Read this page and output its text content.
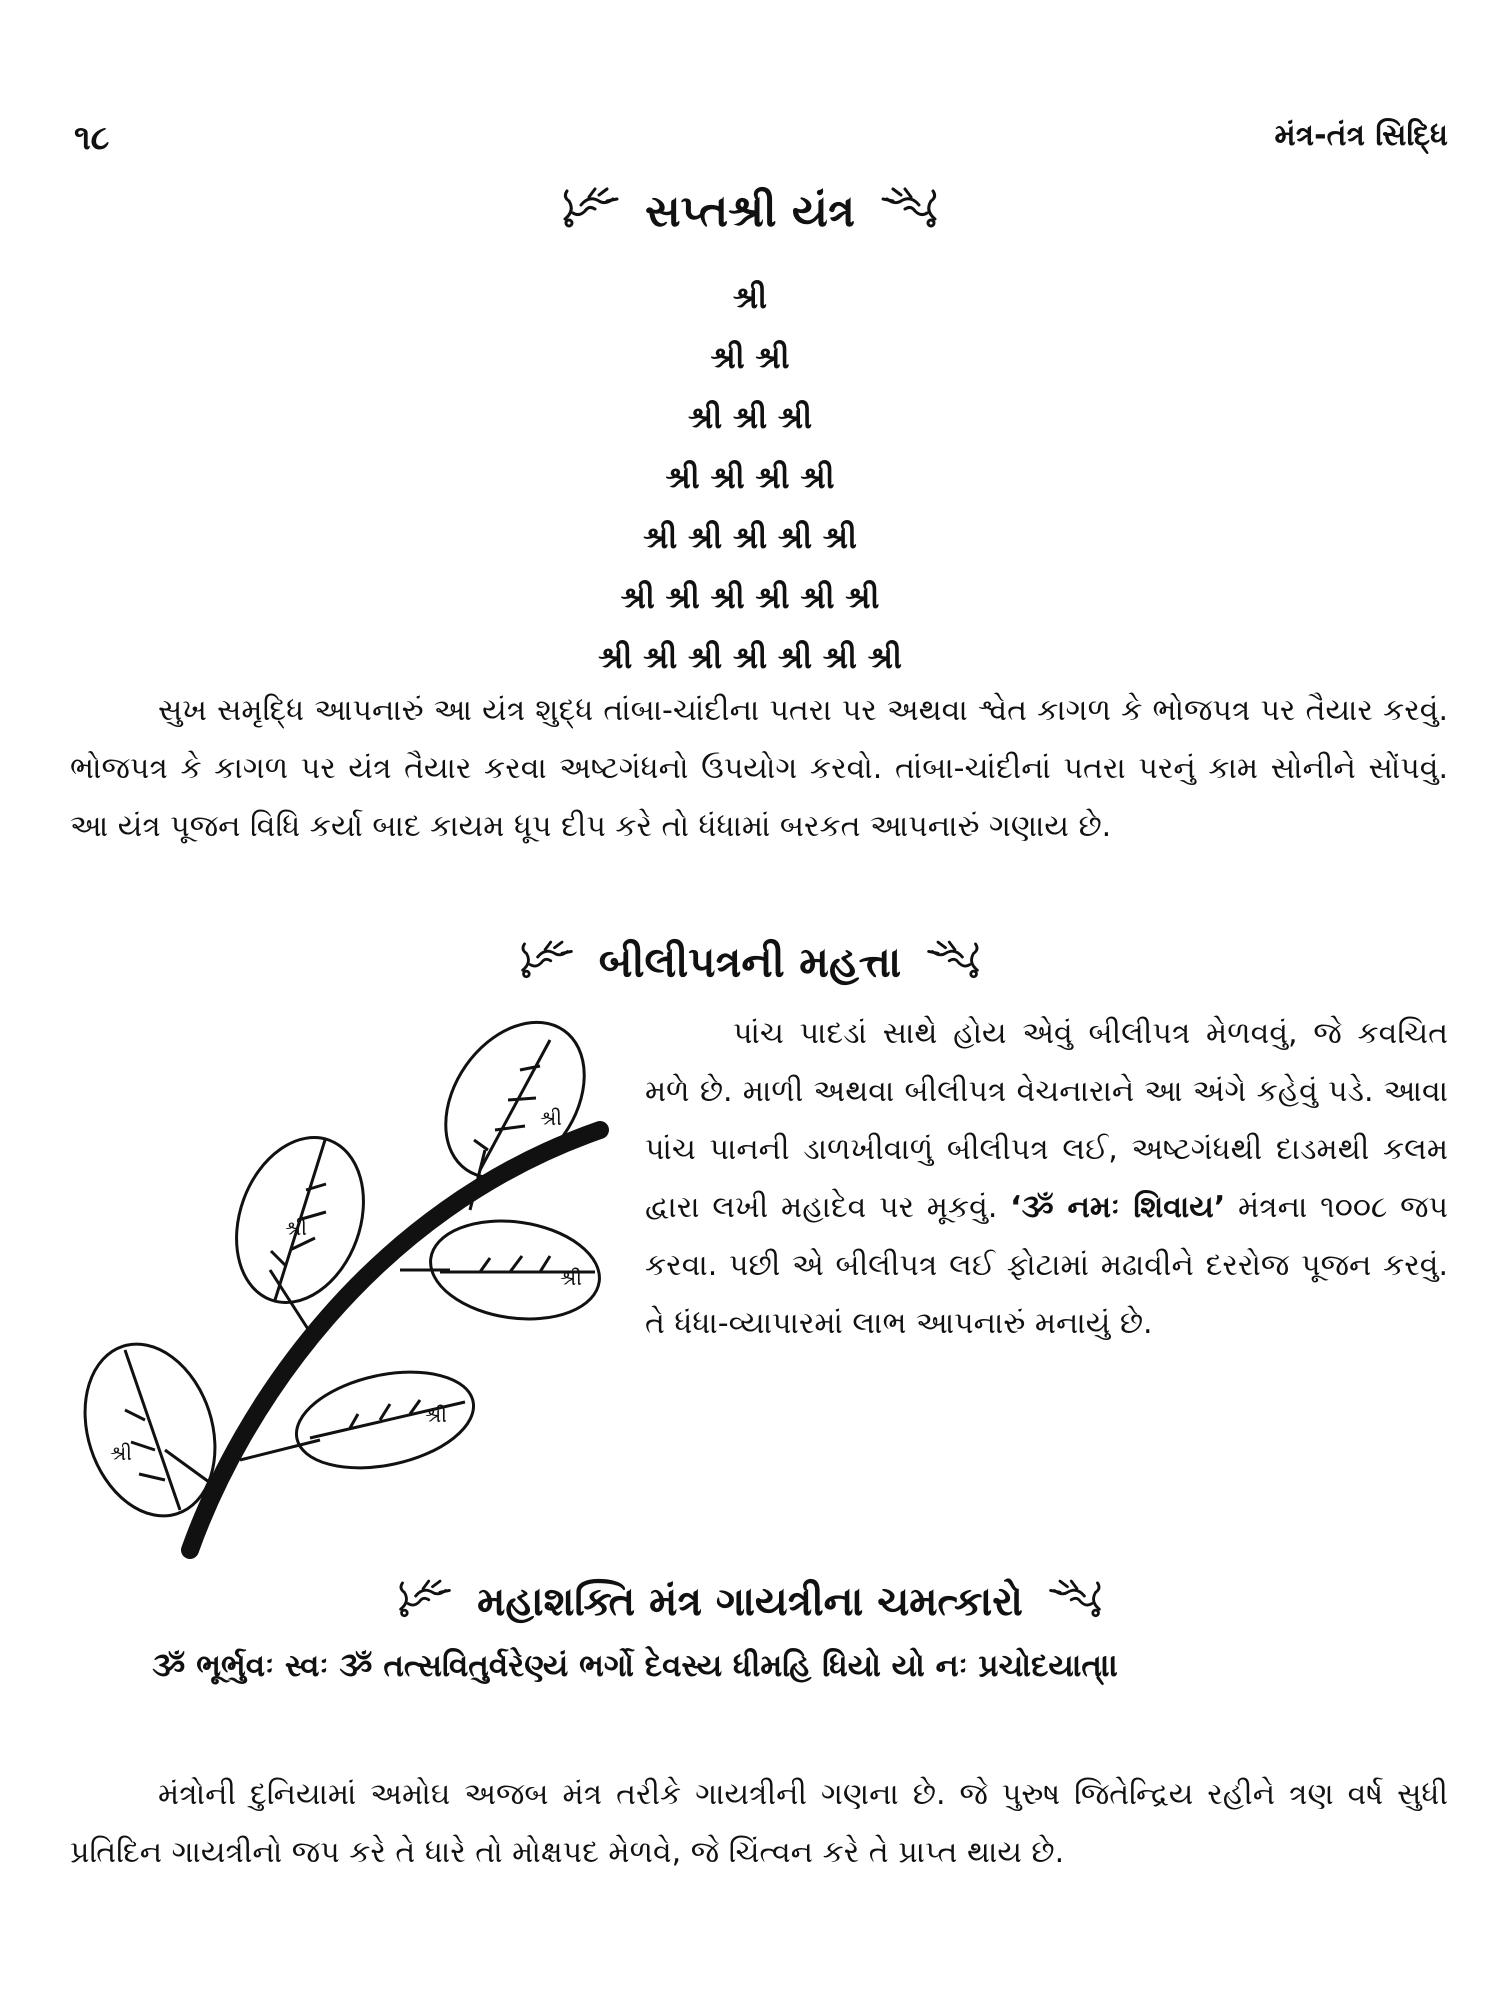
૧૮	મંત્ર-તંત્ર સિદ્ધિ
સપ્તશ્રી યંત્ર
શ્રી
શ્રી શ્રી
શ્રી શ્રી શ્રી
શ્રી શ્રી શ્રી શ્રી
શ્રી શ્રી શ્રી શ્રી શ્રી
શ્રી શ્રી શ્રી શ્રી શ્રી શ્રી
શ્રી શ્રી શ્રી શ્રી શ્રી શ્રી શ્રી

સુખ સમૃદ્ધિ આપનારું આ યંત્ર શુદ્ધ તાંબા-ચાંદીના પતરા પર અથવા શ્વેત કાગળ કે ભોજપત્ર પર તૈયાર કરવું. ભોજપત્ર કે કાગળ પર યંત્ર તૈયાર કરવા અષ્ટગંધનો ઉપયોગ કરવો. તાંબા-ચાંદીનાં પતરા પરનું કામ સોનીને સોંપવું. આ યંત્ર પૂજન વિધિ કર્યા બાદ કાયમ ધૂપ દીપ કરે તો ધંધામાં બરકત આપનારું ગણાય છે.

બીલીપત્રની મહત્તા
શ્રી
શ્રી
શ્રી
શ્રી
શ્રી

પાંચ પાદડાં સાથે હોય એવું બીલીપત્ર મેળવવું, જે કવચિત મળે છે. માળી અથવા બીલીપત્ર વેચનારાને આ અંગે કહેવું પડે. આવા પાંચ પાનની ડાળખીવાળું બીલીપત્ર લઈ, અષ્ટગંધથી દાડમથી કલમ દ્વારા લખી મહાદેવ પર મૂકવું. ‘ૐ નમઃ શિવાય’ મંત્રના ૧૦૦૮ જપ કરવા. પછી એ બીલીપત્ર લઈ ફોટામાં મઢાવીને દરરોજ પૂજન કરવું. તે ધંધા-વ્યાપારમાં લાભ આપનારું મનાયું છે.

મહાશક્તિ મંત્ર ગાયત્રીના ચમત્કારો

ૐ ભૂર્ભુવઃ સ્વઃ ૐ તત્સવિતુર્વરેણ્યં ભર્ગો દેવસ્ય ધીમહિ ધિયો યો નઃ પ્રચોદયાત્‌।।

મંત્રોની દુનિયામાં અમોઘ અજબ મંત્ર તરીકે ગાયત્રીની ગણના છે. જે પુરુષ જિતેન્દ્રિય રહીને ત્રણ વર્ષ સુધી પ્રતિદિન ગાયત્રીનો જપ કરે તે ધારે તો મોક્ષપદ મેળવે, જે ચિંત્વન કરે તે પ્રાપ્ત થાય છે.
